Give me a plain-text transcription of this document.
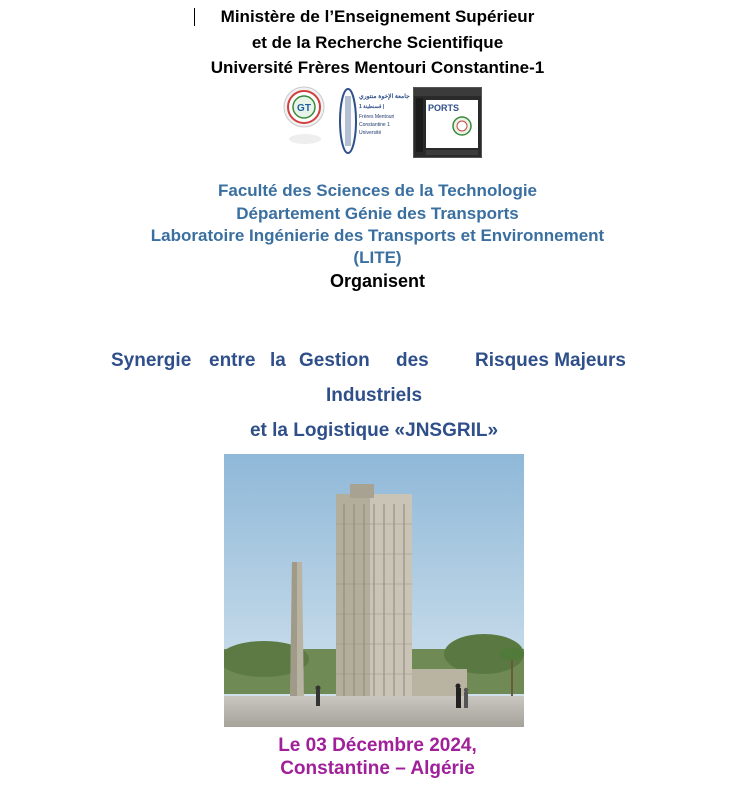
Ministère de l’Enseignement Supérieur
et de la Recherche Scientifique
Université Frères Mentouri Constantine-1
GT
جامعة الإخوة منتوري
قسنطينة 1 |
Frères Mentouri
Constantine 1
Université
PORTS
Faculté des Sciences de la Technologie
Département Génie des Transports
Laboratoire Ingénierie des Transports et Environnement
(LITE)
Organisent
Synergie entre la Gestion des Risques Majeurs
Industriels
et la Logistique «JNSGRIL»
Le 03 Décembre 2024,
Constantine – Algérie
